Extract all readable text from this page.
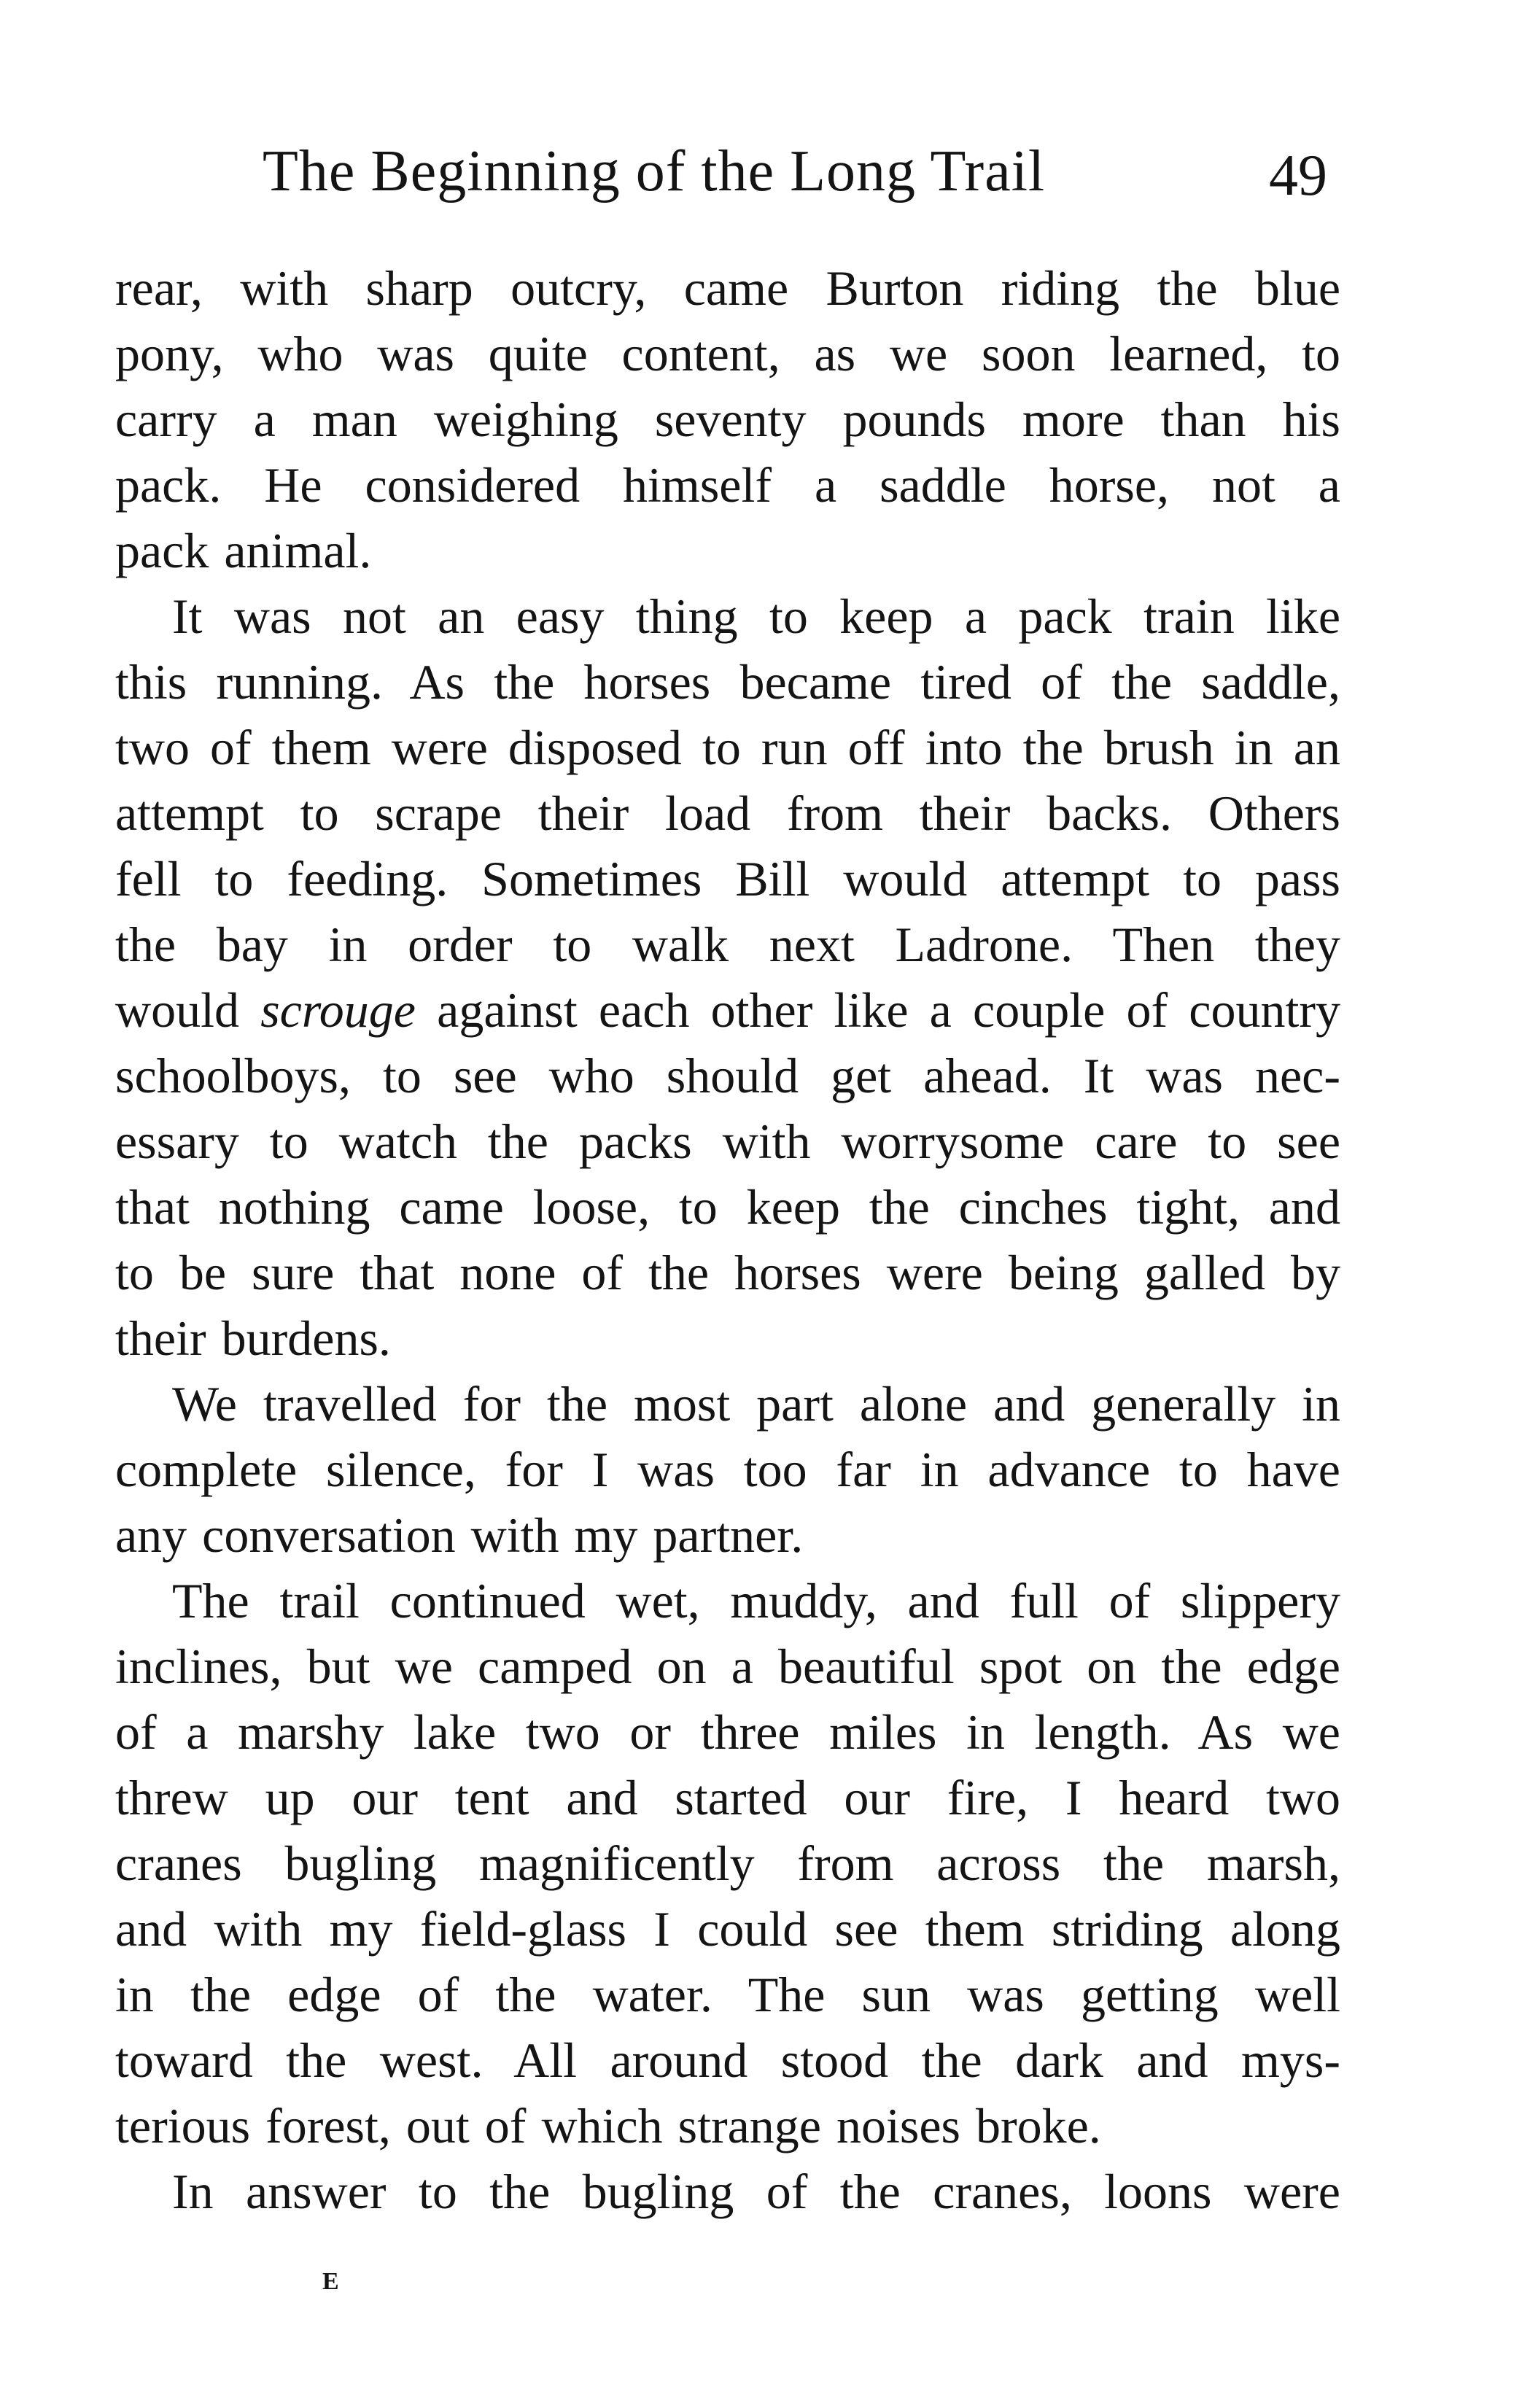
The Beginning of the Long Trail	49

rear, with sharp outcry, came Burton riding the blue
pony, who was quite content, as we soon learned, to
carry a man weighing seventy pounds more than his
pack. He considered himself a saddle horse, not a
pack animal.

It was not an easy thing to keep a pack train like
this running. As the horses became tired of the saddle,
two of them were disposed to run off into the brush in an
attempt to scrape their load from their backs. Others
fell to feeding. Sometimes Bill would attempt to pass
the bay in order to walk next Ladrone. Then they
would scrouge against each other like a couple of country
schoolboys, to see who should get ahead. It was nec-
essary to watch the packs with worrysome care to see
that nothing came loose, to keep the cinches tight, and
to be sure that none of the horses were being galled by
their burdens.

We travelled for the most part alone and generally in
complete silence, for I was too far in advance to have
any conversation with my partner.

The trail continued wet, muddy, and full of slippery
inclines, but we camped on a beautiful spot on the edge
of a marshy lake two or three miles in length. As we
threw up our tent and started our fire, I heard two
cranes bugling magnificently from across the marsh,
and with my field-glass I could see them striding along
in the edge of the water. The sun was getting well
toward the west. All around stood the dark and mys-
terious forest, out of which strange noises broke.

In answer to the bugling of the cranes, loons were

E
